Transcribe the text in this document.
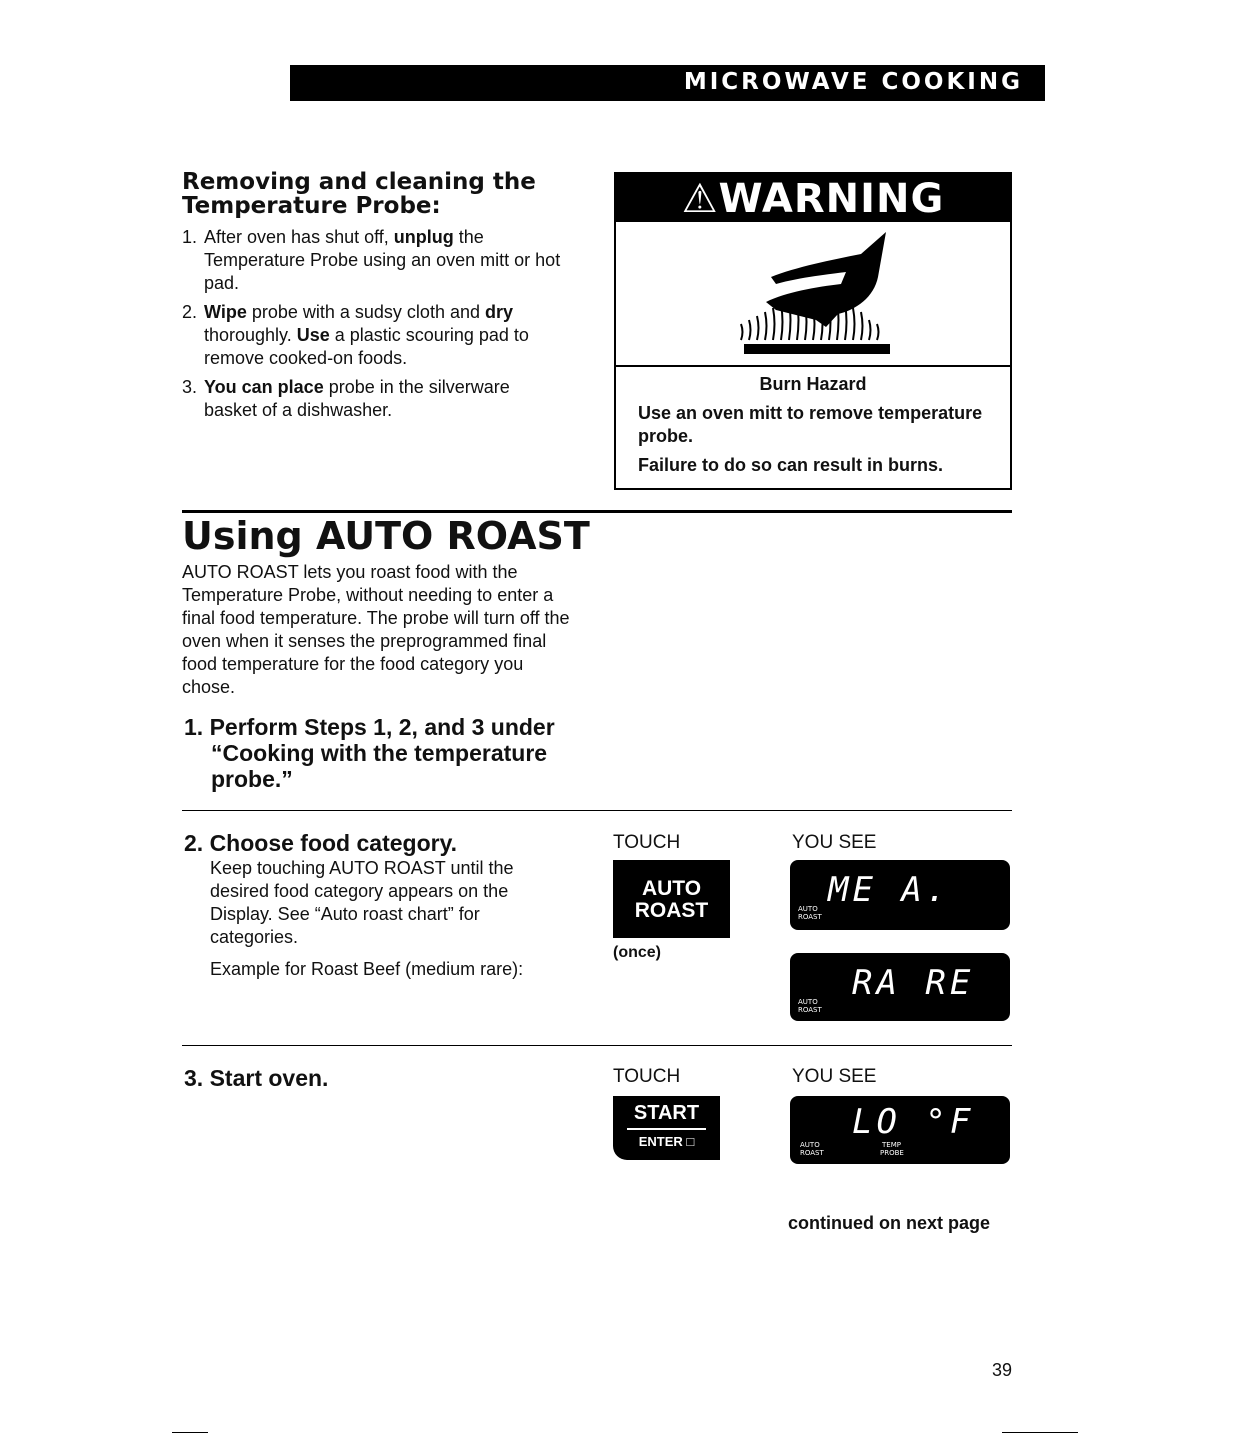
MICROWAVE COOKING
Removing and cleaning the Temperature Probe:
1. After oven has shut off, unplug the Temperature Probe using an oven mitt or hot pad.
2. Wipe probe with a sudsy cloth and dry thoroughly. Use a plastic scouring pad to remove cooked-on foods.
3. You can place probe in the silverware basket of a dishwasher.
⚠WARNING
Burn Hazard
Use an oven mitt to remove temperature probe.
Failure to do so can result in burns.
Using AUTO ROAST
AUTO ROAST lets you roast food with the Temperature Probe, without needing to enter a final food temperature. The probe will turn off the oven when it senses the preprogrammed final food temperature for the food category you chose.
1. Perform Steps 1, 2, and 3 under “Cooking with the temperature probe.”
2. Choose food category.
Keep touching AUTO ROAST until the desired food category appears on the Display. See “Auto roast chart” for categories.
Example for Roast Beef (medium rare):
TOUCH	YOU SEE
AUTO
ROAST
(once)
ME A.
AUTO
ROAST
RA RE
AUTO
ROAST
3. Start oven.	TOUCH	YOU SEE
START
ENTER □	LO °F
AUTO
ROAST
TEMP
PROBE
continued on next page
39
